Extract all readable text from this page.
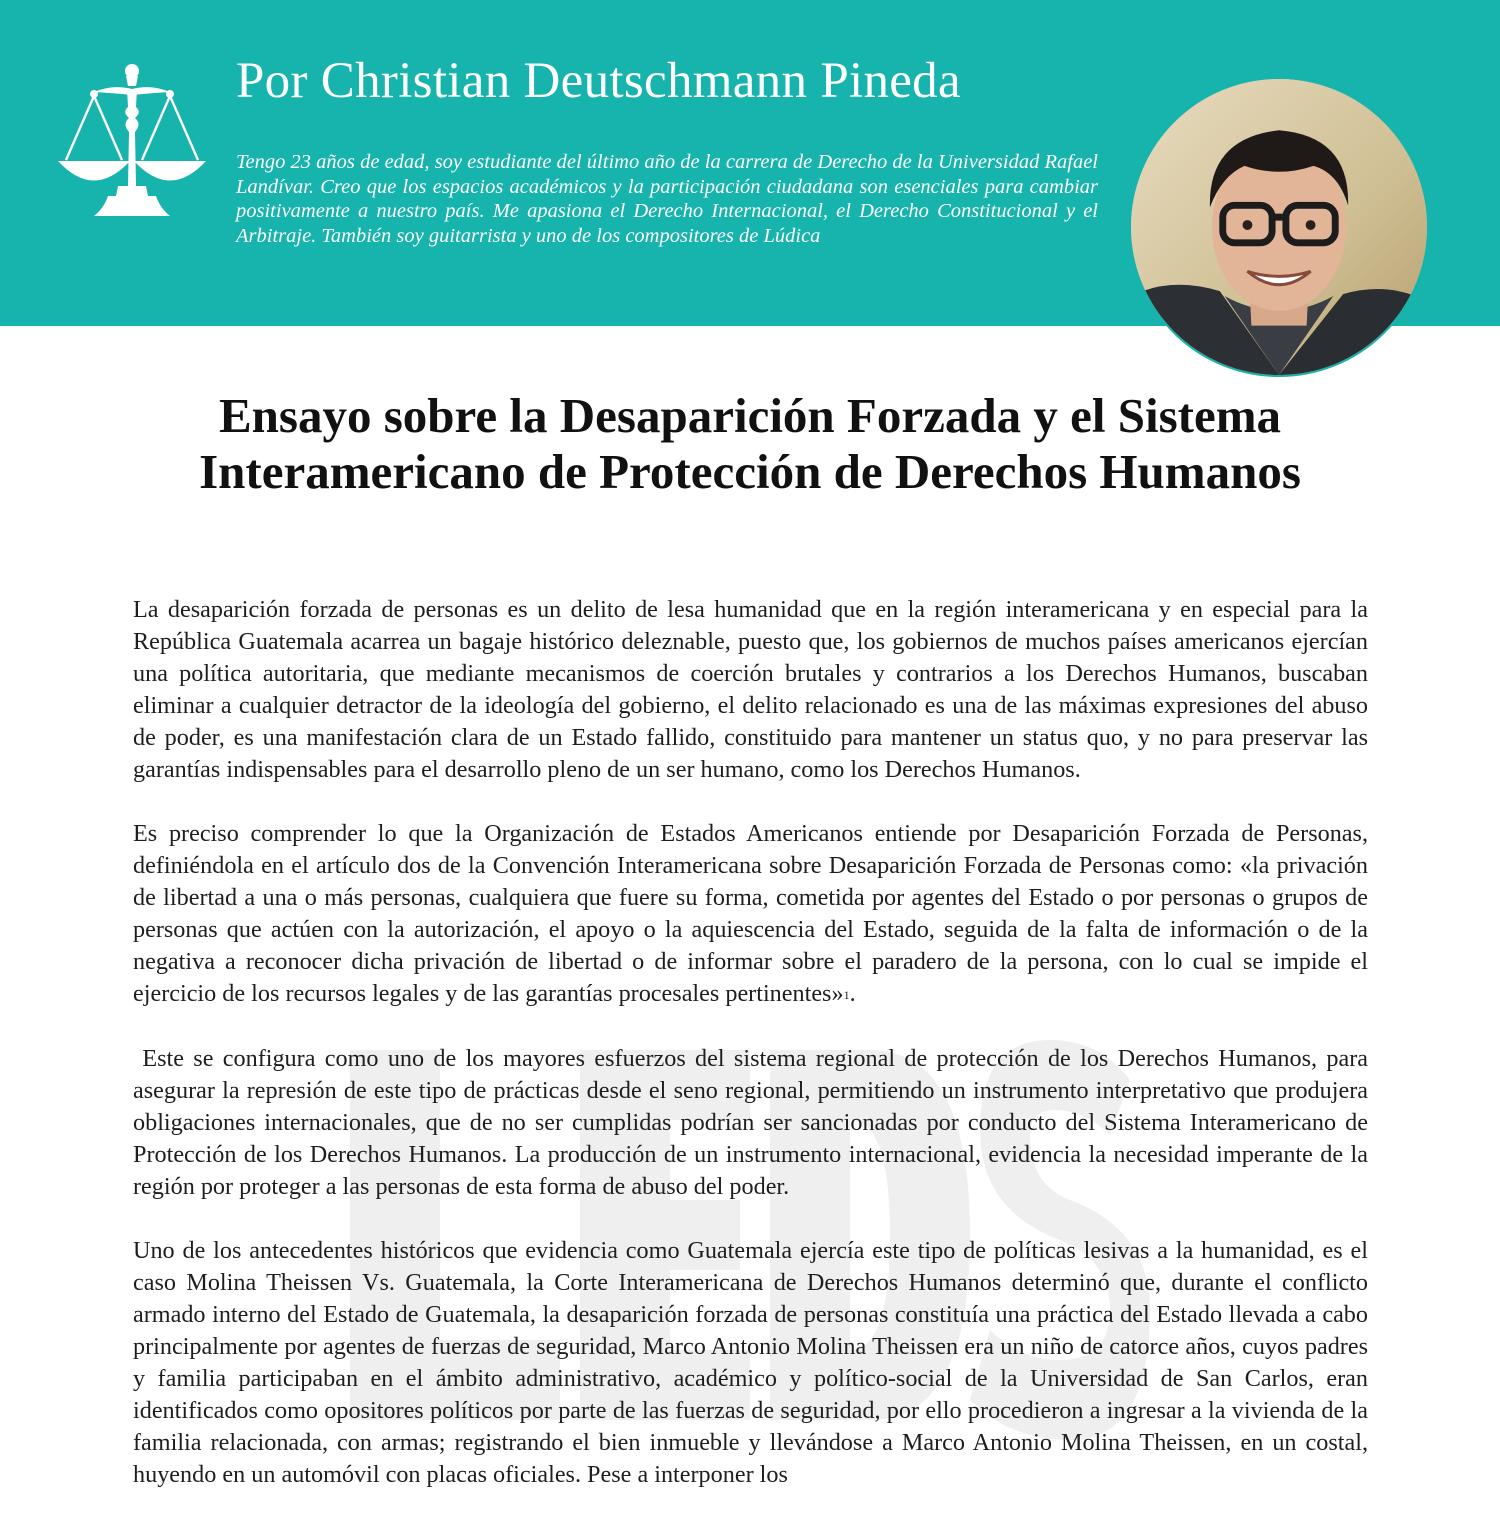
Por Christian Deutschmann Pineda

Tengo 23 años de edad, soy estudiante del último año de la carrera de Derecho de la Universidad Rafael Landívar. Creo que los espacios académicos y la participación ciudadana son esenciales para cambiar positivamente a nuestro país. Me apasiona el Derecho Internacional, el Derecho Constitucional y el Arbitraje. También soy guitarrista y uno de los compositores de Lúdica

Ensayo sobre la Desaparición Forzada y el Sistema Interamericano de Protección de Derechos Humanos

La desaparición forzada de personas es un delito de lesa humanidad que en la región interamericana y en especial para la República Guatemala acarrea un bagaje histórico deleznable, puesto que, los gobiernos de muchos países americanos ejercían una política autoritaria, que mediante mecanismos de coerción brutales y contrarios a los Derechos Humanos, buscaban eliminar a cualquier detractor de la ideología del gobierno, el delito relacionado es una de las máximas expresiones del abuso de poder, es una manifestación clara de un Estado fallido, constituido para mantener un status quo, y no para preservar las garantías indispensables para el desarrollo pleno de un ser humano, como los Derechos Humanos.

Es preciso comprender lo que la Organización de Estados Americanos entiende por Desaparición Forzada de Personas, definiéndola en el artículo dos de la Convención Interamericana sobre Desaparición Forzada de Personas como: «la privación de libertad a una o más personas, cualquiera que fuere su forma, cometida por agentes del Estado o por personas o grupos de personas que actúen con la autorización, el apoyo o la aquiescencia del Estado, seguida de la falta de información o de la negativa a reconocer dicha privación de libertad o de informar sobre el paradero de la persona, con lo cual se impide el ejercicio de los recursos legales y de las garantías procesales pertinentes»$^1$.

Este se configura como uno de los mayores esfuerzos del sistema regional de protección de los Derechos Humanos, para asegurar la represión de este tipo de prácticas desde el seno regional, permitiendo un instrumento interpretativo que produjera obligaciones internacionales, que de no ser cumplidas podrían ser sancionadas por conducto del Sistema Interamericano de Protección de los Derechos Humanos. La producción de un instrumento internacional, evidencia la necesidad imperante de la región por proteger a las personas de esta forma de abuso del poder.

Uno de los antecedentes históricos que evidencia como Guatemala ejercía este tipo de políticas lesivas a la humanidad, es el caso Molina Theissen Vs. Guatemala, la Corte Interamericana de Derechos Humanos determinó que, durante el conflicto armado interno del Estado de Guatemala, la desaparición forzada de personas constituía una práctica del Estado llevada a cabo principalmente por agentes de fuerzas de seguridad, Marco Antonio Molina Theissen era un niño de catorce años, cuyos padres y familia participaban en el ámbito administrativo, académico y político-social de la Universidad de San Carlos, eran identificados como opositores políticos por parte de las fuerzas de seguridad, por ello procedieron a ingresar a la vivienda de la familia relacionada, con armas; registrando el bien inmueble y llevándose a Marco Antonio Molina Theissen, en un costal, huyendo en un automóvil con placas oficiales. Pese a interponer los
